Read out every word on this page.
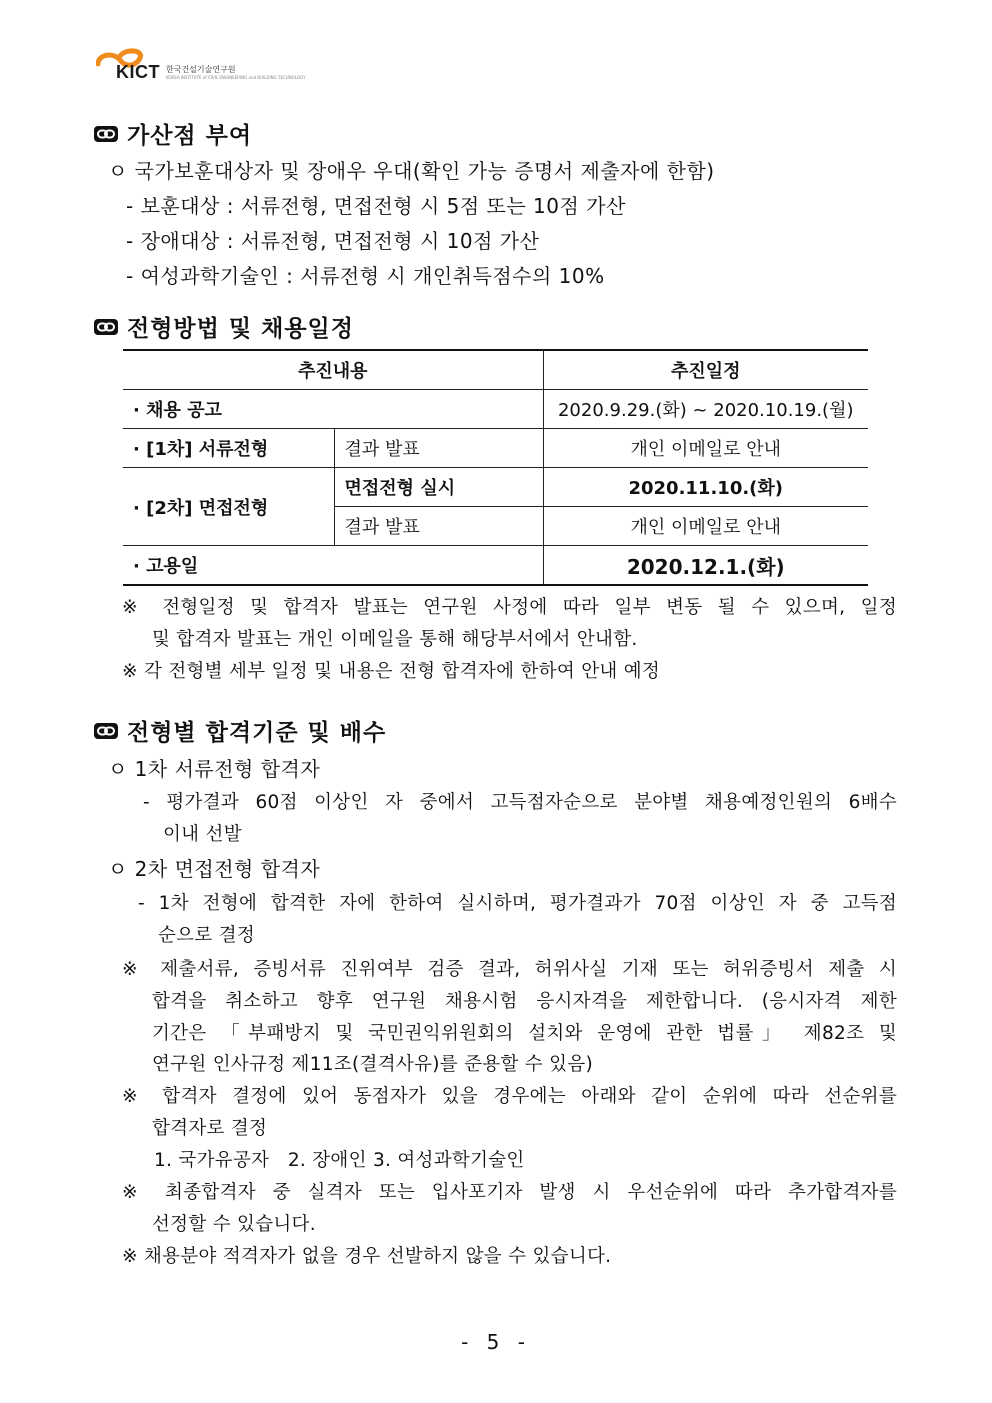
KICT 한국건설기술연구원
KOREA INSTITUTE of CIVIL ENGINEERING and BUILDING TECHNOLOGY
가산점 부여
ㅇ 국가보훈대상자 및 장애우 우대(확인 가능 증명서 제출자에 한함)
- 보훈대상 : 서류전형, 면접전형 시 5점 또는 10점 가산
- 장애대상 : 서류전형, 면접전형 시 10점 가산
- 여성과학기술인 : 서류전형 시 개인취득점수의 10%
전형방법 및 채용일정
추진내용		추진일정
· 채용 공고		2020.9.29.(화) ~ 2020.10.19.(월)
· [1차] 서류전형	결과 발표	개인 이메일로 안내
· [2차] 면접전형	면접전형 실시	2020.11.10.(화)
	결과 발표	개인 이메일로 안내
· 고용일		2020.12.1.(화)
※ 전형일정 및 합격자 발표는 연구원 사정에 따라 일부 변동 될 수 있으며, 일정
및 합격자 발표는 개인 이메일을 통해 해당부서에서 안내함.
※ 각 전형별 세부 일정 및 내용은 전형 합격자에 한하여 안내 예정
전형별 합격기준 및 배수
ㅇ 1차 서류전형 합격자
- 평가결과 60점 이상인 자 중에서 고득점자순으로 분야별 채용예정인원의 6배수
이내 선발
ㅇ 2차 면접전형 합격자
- 1차 전형에 합격한 자에 한하여 실시하며, 평가결과가 70점 이상인 자 중 고득점
순으로 결정
※ 제출서류, 증빙서류 진위여부 검증 결과, 허위사실 기재 또는 허위증빙서 제출 시
합격을 취소하고 향후 연구원 채용시험 응시자격을 제한합니다. (응시자격 제한
기간은 「부패방지 및 국민권익위원회의 설치와 운영에 관한 법률」 제82조 및
연구원 인사규정 제11조(결격사유)를 준용할 수 있음)
※ 합격자 결정에 있어 동점자가 있을 경우에는 아래와 같이 순위에 따라 선순위를
합격자로 결정
1. 국가유공자   2. 장애인 3. 여성과학기술인
※ 최종합격자 중 실격자 또는 입사포기자 발생 시 우선순위에 따라 추가합격자를
선정할 수 있습니다.
※ 채용분야 적격자가 없을 경우 선발하지 않을 수 있습니다.
- 5 -
